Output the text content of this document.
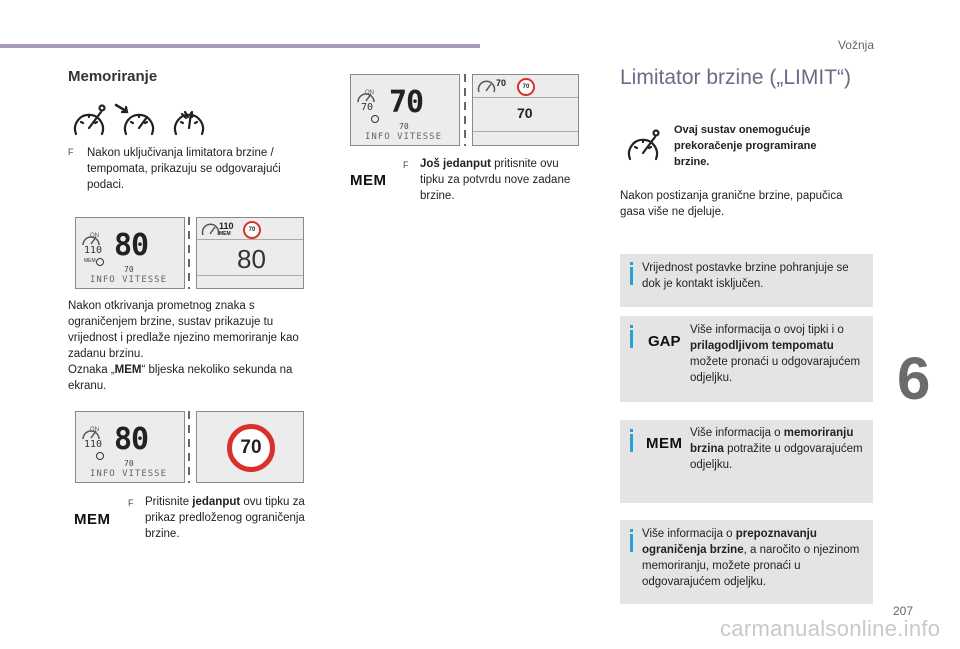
Vožnja
6
207
carmanualsonline.info
Memoriranje
F Nakon uključivanja limitatora brzine / tempomata, prikazuju se odgovarajući podaci.
ON
110 80
MEM
70
INFO VITESSE
110
MEM
70
80
Nakon otkrivanja prometnog znaka s ograničenjem brzine, sustav prikazuje tu vrijednost i predlaže njezino memoriranje kao zadanu brzinu.
Oznaka „MEM“ bljeska nekoliko sekunda na ekranu.
ON
110 80
70
INFO VITESSE
70
MEM
F Pritisnite jedanput ovu tipku za prikaz predloženog ograničenja brzine.
ON
70 70
70
INFO VITESSE
70	70
70
MEM
F Još jedanput pritisnite ovu tipku za potvrdu nove zadane brzine.
Limitator brzine („LIMIT“)
Ovaj sustav onemogućuje prekoračenje programirane brzine.
Nakon postizanja granične brzine, papučica gasa više ne djeluje.
Vrijednost postavke brzine pohranjuje se dok je kontakt isključen.
GAP
Više informacija o ovoj tipki i o prilagodljivom tempomatu možete pronaći u odgovarajućem odjeljku.
MEM
Više informacija o memoriranju brzina potražite u odgovarajućem odjeljku.
Više informacija o prepoznavanju ograničenja brzine, a naročito o njezinom memoriranju, možete pronaći u odgovarajućem odjeljku.
